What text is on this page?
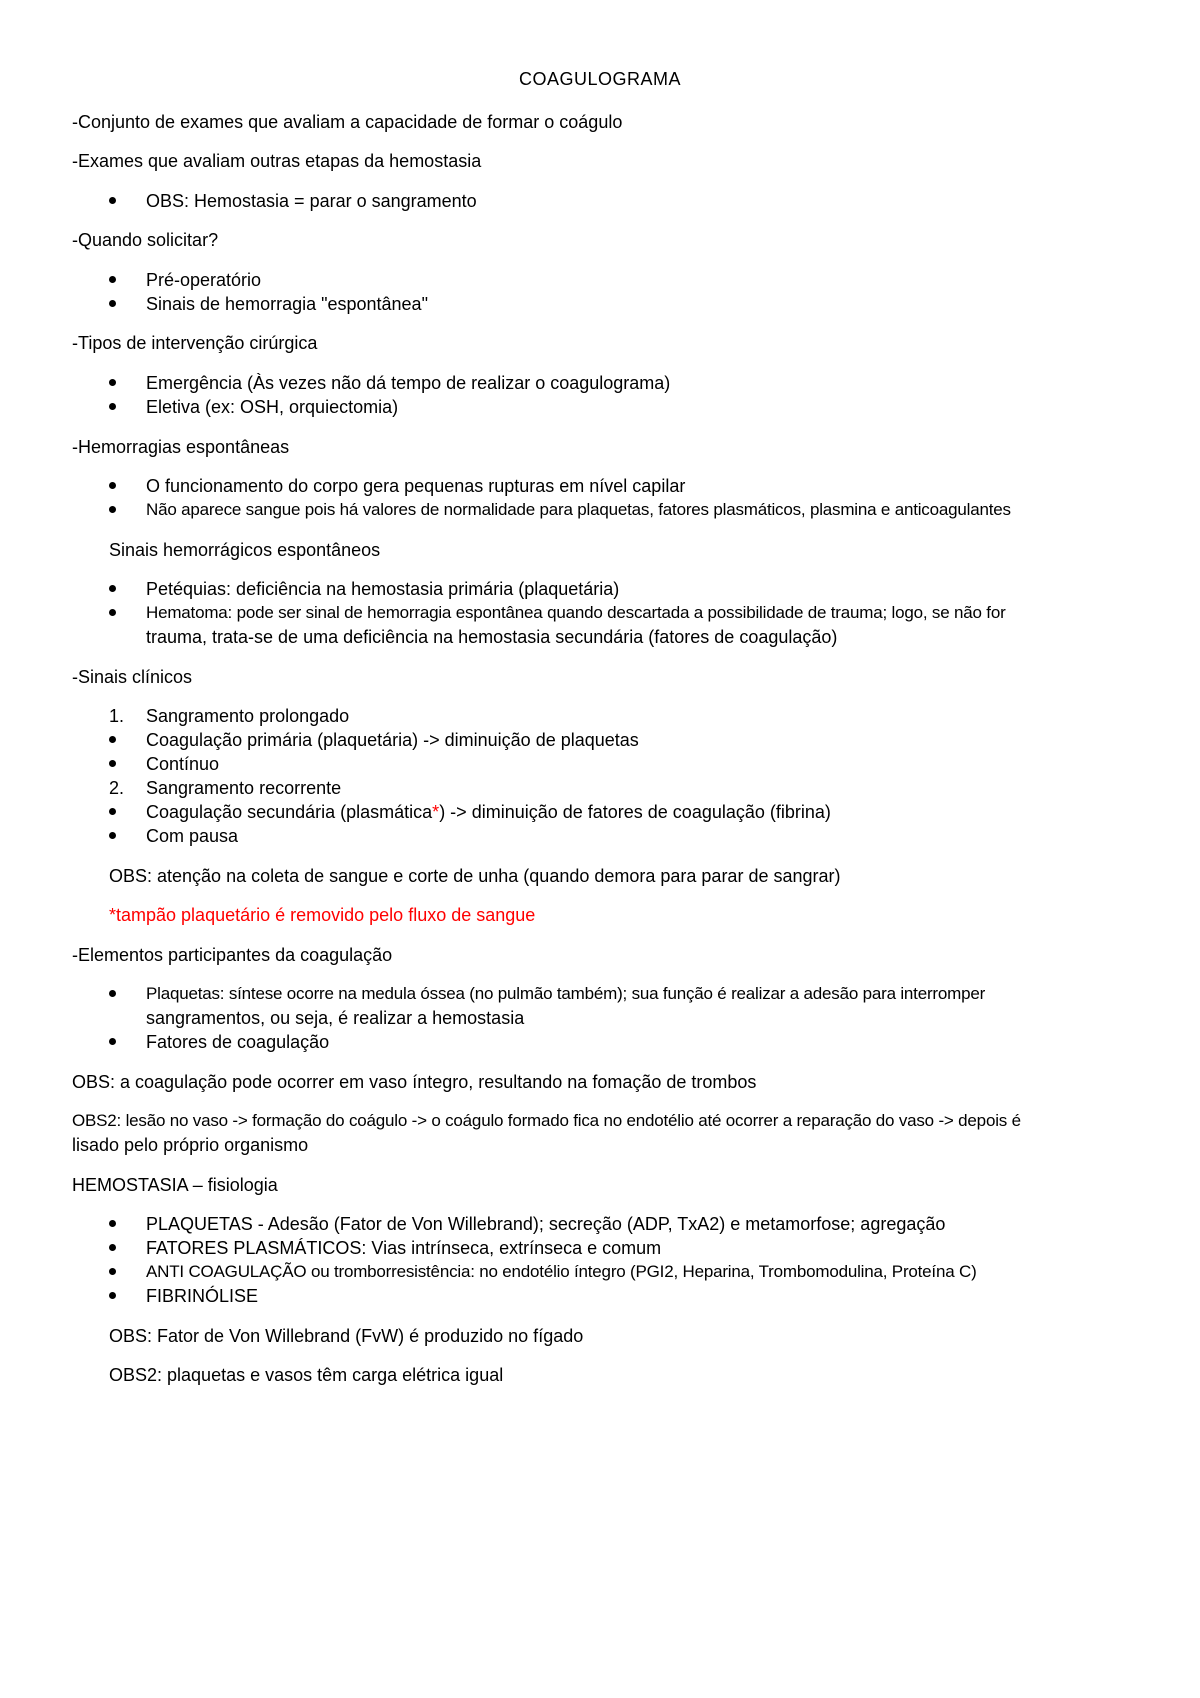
COAGULOGRAMA

-Conjunto de exames que avaliam a capacidade de formar o coágulo

-Exames que avaliam outras etapas da hemostasia

OBS: Hemostasia = parar o sangramento

-Quando solicitar?

Pré-operatório
Sinais de hemorragia "espontânea"

-Tipos de intervenção cirúrgica

Emergência (Às vezes não dá tempo de realizar o coagulograma)
Eletiva (ex: OSH, orquiectomia)

-Hemorragias espontâneas

O funcionamento do corpo gera pequenas rupturas em nível capilar
Não aparece sangue pois há valores de normalidade para plaquetas, fatores plasmáticos, plasmina e anticoagulantes

Sinais hemorrágicos espontâneos

Petéquias: deficiência na hemostasia primária (plaquetária)
Hematoma: pode ser sinal de hemorragia espontânea quando descartada a possibilidade de trauma; logo, se não for
trauma, trata-se de uma deficiência na hemostasia secundária (fatores de coagulação)

-Sinais clínicos

1. Sangramento prolongado
Coagulação primária (plaquetária) -> diminuição de plaquetas
Contínuo
2. Sangramento recorrente
Coagulação secundária (plasmática*) -> diminuição de fatores de coagulação (fibrina)
Com pausa

OBS: atenção na coleta de sangue e corte de unha (quando demora para parar de sangrar)

*tampão plaquetário é removido pelo fluxo de sangue

-Elementos participantes da coagulação

Plaquetas: síntese ocorre na medula óssea (no pulmão também); sua função é realizar a adesão para interromper
sangramentos, ou seja, é realizar a hemostasia
Fatores de coagulação

OBS: a coagulação pode ocorrer em vaso íntegro, resultando na fomação de trombos

OBS2: lesão no vaso -> formação do coágulo -> o coágulo formado fica no endotélio até ocorrer a reparação do vaso -> depois é

lisado pelo próprio organismo

HEMOSTASIA – fisiologia

PLAQUETAS - Adesão (Fator de Von Willebrand); secreção (ADP, TxA2) e metamorfose; agregação
FATORES PLASMÁTICOS: Vias intrínseca, extrínseca e comum
ANTI COAGULAÇÃO ou tromborresistência: no endotélio íntegro (PGI2, Heparina, Trombomodulina, Proteína C)
FIBRINÓLISE

OBS: Fator de Von Willebrand (FvW) é produzido no fígado

OBS2: plaquetas e vasos têm carga elétrica igual
